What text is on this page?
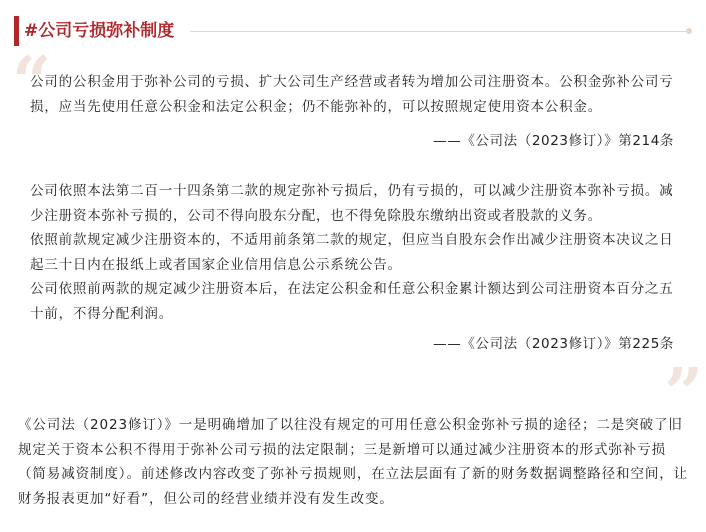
#公司亏损弥补制度
“
”

公司的公积金用于弥补公司的亏损、扩大公司生产经营或者转为增加公司注册资本。公积金弥补公司亏损，应当先使用任意公积金和法定公积金；仍不能弥补的，可以按照规定使用资本公积金。

——《公司法（2023修订）》第214条

公司依照本法第二百一十四条第二款的规定弥补亏损后，仍有亏损的，可以减少注册资本弥补亏损。减少注册资本弥补亏损的，公司不得向股东分配，也不得免除股东缴纳出资或者股款的义务。

依照前款规定减少注册资本的，不适用前条第二款的规定，但应当自股东会作出减少注册资本决议之日起三十日内在报纸上或者国家企业信用信息公示系统公告。

公司依照前两款的规定减少注册资本后，在法定公积金和任意公积金累计额达到公司注册资本百分之五十前，不得分配利润。

——《公司法（2023修订）》第225条

《公司法（2023修订）》一是明确增加了以往没有规定的可用任意公积金弥补亏损的途径；二是突破了旧规定关于资本公积不得用于弥补公司亏损的法定限制；三是新增可以通过减少注册资本的形式弥补亏损（简易减资制度）。前述修改内容改变了弥补亏损规则，在立法层面有了新的财务数据调整路径和空间，让财务报表更加“好看”，但公司的经营业绩并没有发生改变。
